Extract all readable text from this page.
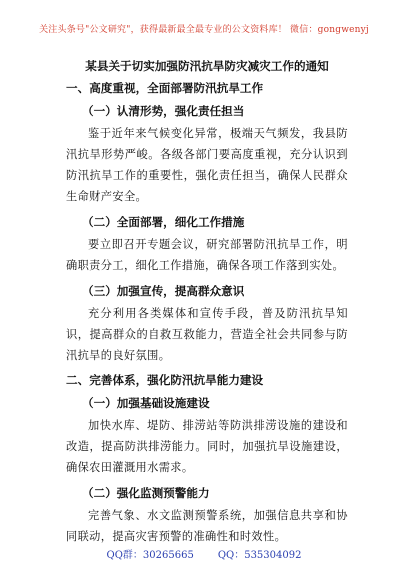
关注头条号"公文研究"，获得最新最全最专业的公文资料库！ 微信：gongwenyj
某县关于切实加强防汛抗旱防灾减灾工作的通知
一、高度重视，全面部署防汛抗旱工作
（一）认清形势，强化责任担当

鉴于近年来气候变化异常，极端天气频发，我县防汛抗旱形势严峻。各级各部门要高度重视，充分认识到防汛抗旱工作的重要性，强化责任担当，确保人民群众生命财产安全。

（二）全面部署，细化工作措施

要立即召开专题会议，研究部署防汛抗旱工作，明确职责分工，细化工作措施，确保各项工作落到实处。

（三）加强宣传，提高群众意识

充分利用各类媒体和宣传手段，普及防汛抗旱知识，提高群众的自救互救能力，营造全社会共同参与防汛抗旱的良好氛围。

二、完善体系，强化防汛抗旱能力建设
（一）加强基础设施建设

加快水库、堤防、排涝站等防洪排涝设施的建设和改造，提高防洪排涝能力。同时，加强抗旱设施建设，确保农田灌溉用水需求。

（二）强化监测预警能力

完善气象、水文监测预警系统，加强信息共享和协同联动，提高灾害预警的准确性和时效性。

QQ群：30265665 QQ：535304092
